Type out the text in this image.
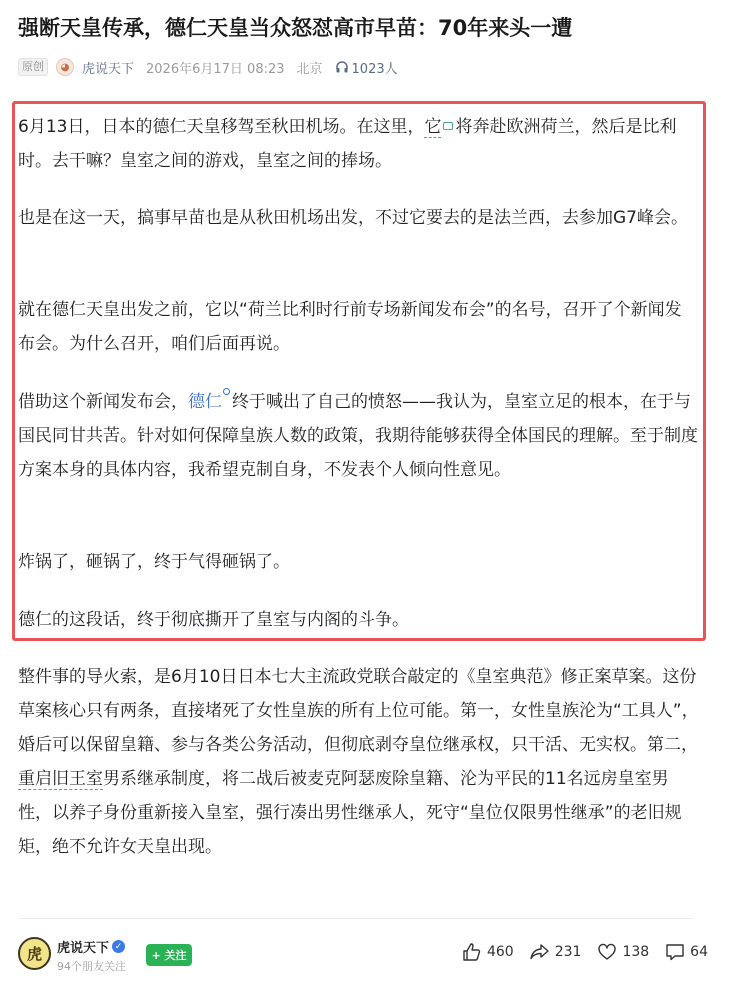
强断天皇传承，德仁天皇当众怒怼高市早苗：70年来头一遭
原创	◕ 虎说天下 2026年6月17日 08:23 北京 1023人

6月13日，日本的德仁天皇移驾至秋田机场。在这里，它 将奔赴欧洲荷兰，然后是比利时。去干嘛？皇室之间的游戏，皇室之间的捧场。

也是在这一天，搞事早苗也是从秋田机场出发，不过它要去的是法兰西，去参加G7峰会。

就在德仁天皇出发之前，它以“荷兰比利时行前专场新闻发布会”的名号，召开了个新闻发布会。为什么召开，咱们后面再说。

借助这个新闻发布会，德仁 终于喊出了自己的愤怒——我认为，皇室立足的根本，在于与国民同甘共苦。针对如何保障皇族人数的政策，我期待能够获得全体国民的理解。至于制度方案本身的具体内容，我希望克制自身，不发表个人倾向性意见。

炸锅了，砸锅了，终于气得砸锅了。

德仁的这段话，终于彻底撕开了皇室与内阁的斗争。

整件事的导火索，是6月10日日本七大主流政党联合敲定的《皇室典范》修正案草案。这份草案核心只有两条，直接堵死了女性皇族的所有上位可能。第一，女性皇族沦为“工具人”，婚后可以保留皇籍、参与各类公务活动，但彻底剥夺皇位继承权，只干活、无实权。第二，重启旧王室男系继承制度，将二战后被麦克阿瑟废除皇籍、沦为平民的11名远房皇室男性，以养子身份重新接入皇室，强行凑出男性继承人，死守“皇位仅限男性继承”的老旧规矩，绝不允许女天皇出现。

虎	虎说天下 ✓
94个朋友关注
+ 关注	460	231	138	64
